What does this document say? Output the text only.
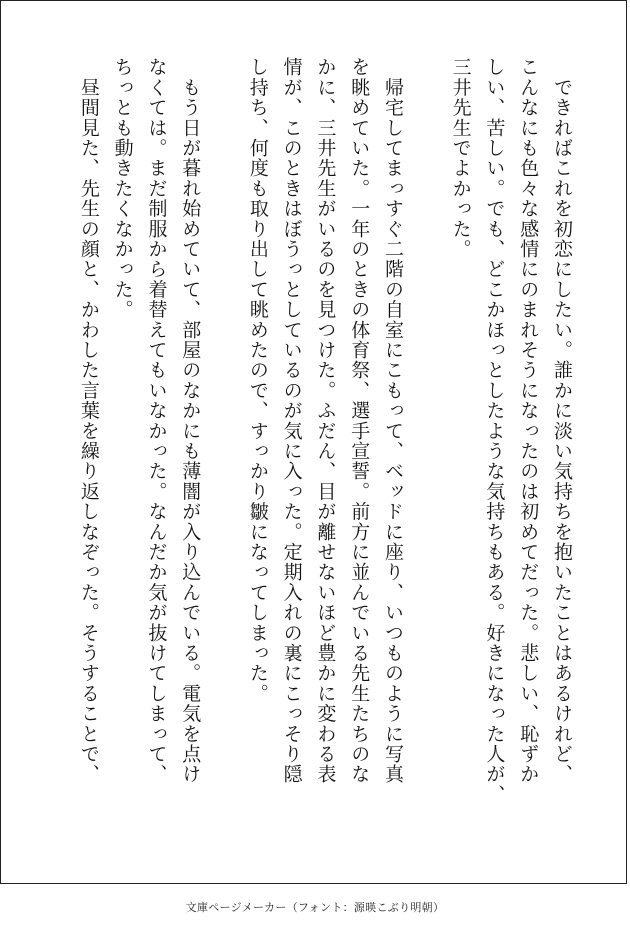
　できればこれを初恋にしたい。誰かに淡い気持ちを抱いたことはあるけれど、
こんなにも色々な感情にのまれそうになったのは初めてだった。悲しい、恥ずか
しい、苦しい。でも、どこかほっとしたような気持ちもある。好きになった人が、
三井先生でよかった。

　帰宅してまっすぐ二階の自室にこもって、ベッドに座り、いつものように写真
を眺めていた。一年のときの体育祭、選手宣誓。前方に並んでいる先生たちのな
かに、三井先生がいるのを見つけた。ふだん、目が離せないほど豊かに変わる表
情が、このときはぼうっとしているのが気に入った。定期入れの裏にこっそり隠
し持ち、何度も取り出して眺めたので、すっかり皺になってしまった。

　もう日が暮れ始めていて、部屋のなかにも薄闇が入り込んでいる。電気を点け
なくては。まだ制服から着替えてもいなかった。なんだか気が抜けてしまって、
ちっとも動きたくなかった。
　昼間見た、先生の顔と、かわした言葉を繰り返しなぞった。そうすることで、

文庫ページメーカー（フォント：源暎こぶり明朝）
